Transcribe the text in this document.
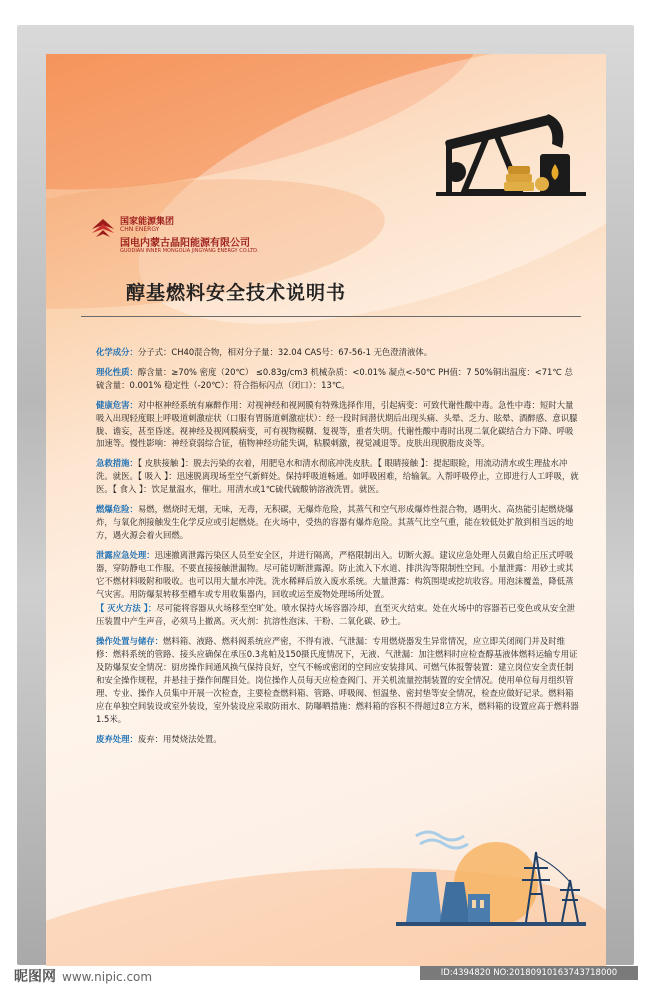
国家能源集团
CHN ENERGY
国电内蒙古晶阳能源有限公司
GUODIAN INNER MONGOLIA JINGYANG ENERGY CO.LTD.
醇基燃料安全技术说明书

化学成分：分子式：CH40混合物，相对分子量：32.04 CAS号：67-56-1 无色澄清液体。

理化性质：醇含量：≥70% 密度（20℃） ≤0.83g/cm3 机械杂质：<0.01% 凝点<-50℃ PH值：7 50%铜出温度：<71℃ 总硫含量：0.001% 稳定性（-20℃）：符合指标闪点（闭口）：13℃。

健康危害：对中枢神经系统有麻醉作用：对视神经和视网膜有特殊选择作用，引起病变：可致代谢性酸中毒。急性中毒：短时大量吸入出现轻度眼上呼吸道刺激症状（口服有胃肠道刺激症状）：经一段时间潜伏期后出现头痛、头晕、乏力、眩晕、酒醉感、意识朦胧、谵妄，甚至昏迷。视神经及视网膜病变，可有视物模糊、复视等，重者失明。代谢性酸中毒时出现二氧化碳结合力下降、呼吸加速等。慢性影响：神经衰弱综合征，植物神经功能失调，粘膜刺激，视觉减退等。皮肤出现脱脂皮炎等。

急救措施：【 皮肤接触 】：脱去污染的衣着，用肥皂水和清水彻底冲洗皮肤。【 眼睛接触 】：提起眼睑，用流动清水或生理盐水冲洗。就医。【 吸入 】：迅速脱离现场至空气新鲜处。保持呼吸道畅通。如呼吸困难，给输氧。入帮呼吸停止，立即进行人工呼吸，就医。【 食入 】：饮足量温水，催吐。用清水或1℃硫代硫酸钠溶液洗胃。就医。

燃爆危险：易燃，燃烧时无烟，无味，无毒，无积碳，无爆炸危险，其蒸气和空气形成爆炸性混合物，遇明火、高热能引起燃烧爆炸，与氧化剂接触发生化学反应或引起燃烧。在火场中，受热的容器有爆炸危险。其蒸气比空气重，能在较低处扩散到相当远的地方，遇火源会着火回燃。

泄露应急处理：迅速撤离泄露污染区人员至安全区，并进行隔离，严格限制出入。切断火源。建议应急处理人员戴自给正压式呼吸器，穿防静电工作服。不要直接接触泄漏物。尽可能切断泄露源。防止流入下水道、排洪沟等限制性空间。小量泄露：用砂土或其它不燃材料吸附和吸收。也可以用大量水冲洗。洗水稀释后放入废水系统。大量泄露：构筑围堤或挖坑收容。用泡沫覆盖，降低蒸气灾害。用防爆泵转移至槽车或专用收集器内，回收或运至废物处理场所处置。

【 灭火方法 】：尽可能将容器从火场移至空旷处。喷水保持火场容器冷却，直至灭火结束。处在火场中的容器若已变色或从安全泄压装置中产生声音，必须马上撤离。灭火剂：抗溶性泡沫、干粉、二氧化碳、砂土。

操作处置与储存：燃料箱、液路、燃料阀系统应严密，不得有液、气泄漏：专用燃烧器发生异常情况，应立即关闭阀门并及时维修：燃料系统的管路、接头应确保在承压0.3兆帕及150摄氏度情况下，无液、气泄漏：加注燃料时应检查醇基液体燃料运输专用证及防爆泵安全情况：厨房操作间通风换气保持良好，空气不畅或密闭的空间应安装排风、可燃气体报警装置：建立岗位安全责任制和安全操作规程，并悬挂于操作间醒目处。岗位操作人员每天应检查阀门、开关机流量控制装置的安全情况。使用单位每月组织管理、专业、操作人员集中开展一次检查，主要检查燃料箱、管路、呼吸阀、恒温垫、密封垫等安全情况，检查应做好记录。燃料箱应在单独空间装设或室外装设，室外装设应采取防雨水、防曝晒措施：燃料箱的容积不得超过8立方米，燃料箱的设置应高于燃料器1.5米。

废弃处理：废弃：用焚烧法处置。

昵图网 www.nipic.com	ID:4394820 NO:20180910163743718000
